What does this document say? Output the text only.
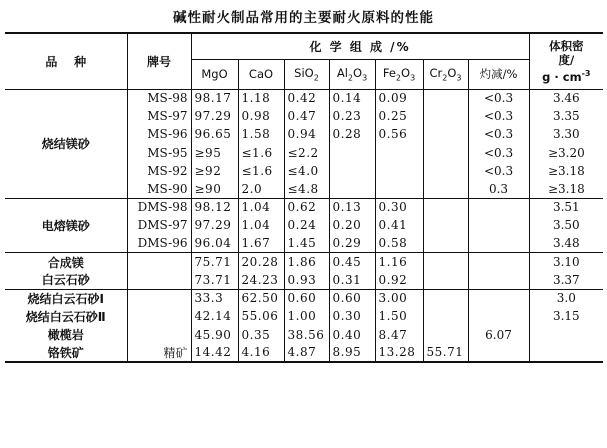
碱性耐火制品常用的主要耐火原料的性能
品    种	牌号	化 学 组 成 /%							体积密
度/
$g \cdot cm^{-3}$
		MgO	CaO	SiO$_2$	$Al_2O_3$	$Fe_2O_3$	$Cr_2O_3$	灼减/%	
烧结镁砂	MS-98	98.17	1.18	0.42	0.14	0.09		<0.3	3.46
	MS-97	97.29	0.98	0.47	0.23	0.25		<0.3	3.35
	MS-96	96.65	1.58	0.94	0.28	0.56		<0.3	3.30
	MS-95	≥95	≤1.6	≤2.2				<0.3	≥3.20
	MS-92	≥92	≤1.6	≤4.0				<0.3	≥3.18
	MS-90	≥90	2.0	≤4.8				0.3	≥3.18
电熔镁砂	DMS-98	98.12	1.04	0.62	0.13	0.30			3.51
	DMS-97	97.29	1.04	0.24	0.20	0.41			3.50
	DMS-96	96.04	1.67	1.45	0.29	0.58			3.48
合成镁		75.71	20.28	1.86	0.45	1.16			3.10
白云石砂		73.71	24.23	0.93	0.31	0.92			3.37
烧结白云石砂Ⅰ		33.3	62.50	0.60	0.60	3.00			3.0
烧结白云石砂Ⅱ		42.14	55.06	1.00	0.30	1.50			3.15
橄榄岩		45.90	0.35	38.56	0.40	8.47		6.07	
铬铁矿	精矿	14.42	4.16	4.87	8.95	13.28	55.71		
